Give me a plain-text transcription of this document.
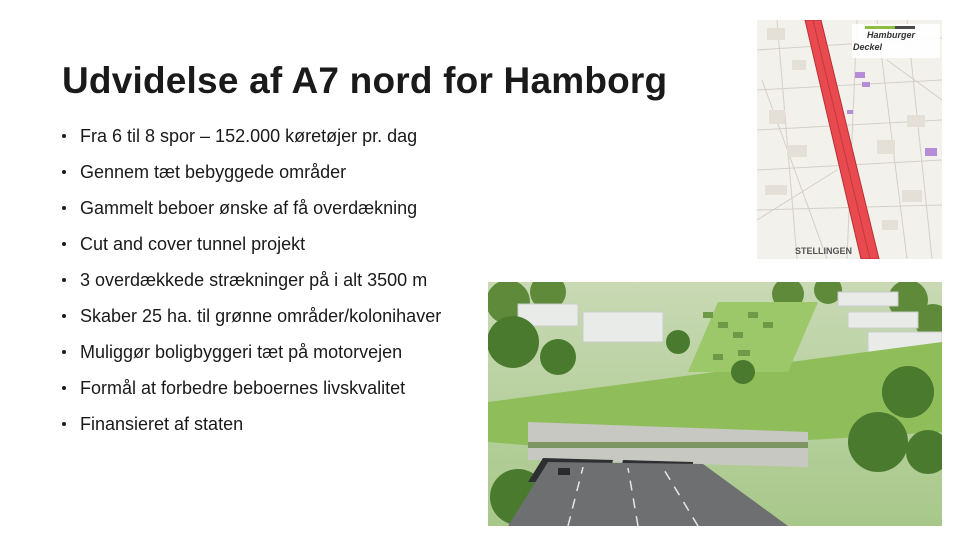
Udvidelse af A7 nord for Hamborg
Fra 6 til 8 spor – 152.000 køretøjer pr. dag
Gennem tæt bebyggede områder
Gammelt beboer ønske af få overdækning
Cut and cover tunnel projekt
3 overdækkede strækninger på i alt 3500 m
Skaber 25 ha. til grønne områder/kolonihaver
Muliggør boligbyggeri tæt på motorvejen
Formål at forbedre beboernes livskvalitet
Finansieret af staten
Hamburger
Deckel
STELLINGEN
